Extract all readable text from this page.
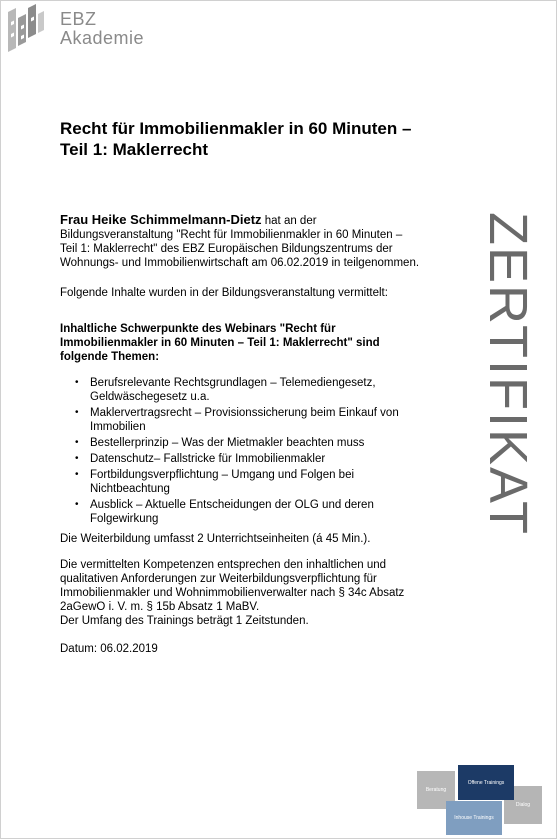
EBZ
Akademie
Recht für Immobilienmakler in 60 Minuten –
Teil 1: Maklerrecht

Frau Heike Schimmelmann-Dietz hat an der Bildungsveranstaltung "Recht für Immobilienmakler in 60 Minuten – Teil 1: Maklerrecht" des EBZ Europäischen Bildungszentrums der Wohnungs- und Immobilienwirtschaft am 06.02.2019 in teilgenommen.

Folgende Inhalte wurden in der Bildungsveranstaltung vermittelt:

Inhaltliche Schwerpunkte des Webinars "Recht für Immobilienmakler in 60 Minuten – Teil 1: Maklerrecht" sind folgende Themen:

• Berufsrelevante Rechtsgrundlagen – Telemediengesetz, Geldwäschegesetz u.a.
• Maklervertragsrecht – Provisionssicherung beim Einkauf von Immobilien
• Bestellerprinzip – Was der Mietmakler beachten muss
• Datenschutz– Fallstricke für Immobilienmakler
• Fortbildungsverpflichtung – Umgang und Folgen bei Nichtbeachtung
• Ausblick – Aktuelle Entscheidungen der OLG und deren Folgewirkung

Die Weiterbildung umfasst 2 Unterrichtseinheiten (á 45 Min.).

Die vermittelten Kompetenzen entsprechen den inhaltlichen und qualitativen Anforderungen zur Weiterbildungsverpflichtung für Immobilienmakler und Wohnimmobilienverwalter nach § 34c Absatz 2aGewO i. V. m. § 15b Absatz 1 MaBV.

Der Umfang des Trainings beträgt 1 Zeitstunden.

Datum: 06.02.2019

ZERTIFIKAT
Beratung
Dialog
Inhouse Trainings
Offene Trainings
